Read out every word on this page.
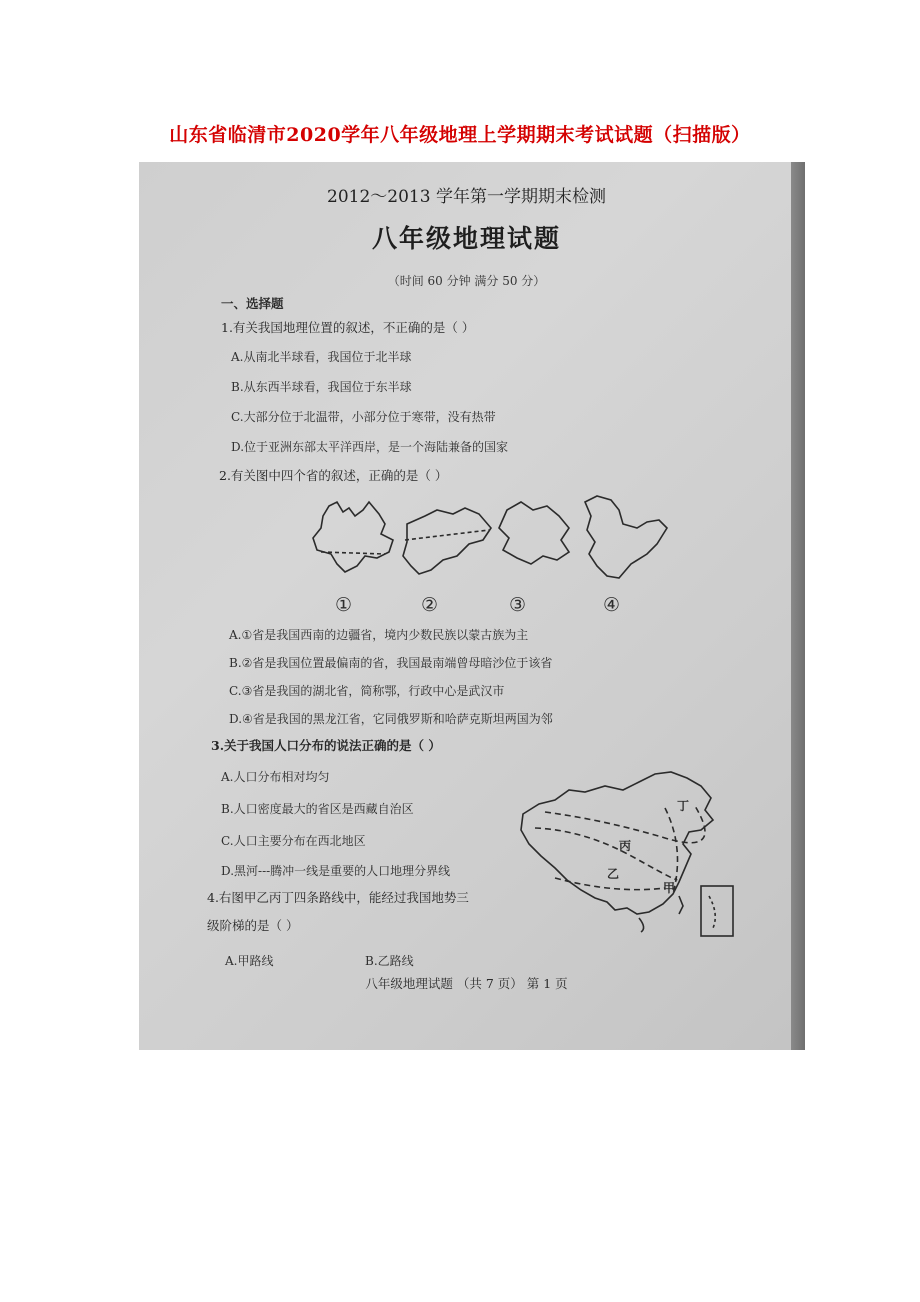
山东省临清市2020学年八年级地理上学期期末考试试题（扫描版）
2012～2013 学年第一学期期末检测
八年级地理试题
（时间 60 分钟 满分 50 分）
一、选择题
1.有关我国地理位置的叙述，不正确的是（ ）
A.从南北半球看，我国位于北半球
B.从东西半球看，我国位于东半球
C.大部分位于北温带，小部分位于寒带，没有热带
D.位于亚洲东部太平洋西岸，是一个海陆兼备的国家
2.有关图中四个省的叙述，正确的是（ ）
①	②	③	④
A.①省是我国西南的边疆省，境内少数民族以蒙古族为主
B.②省是我国位置最偏南的省，我国最南端曾母暗沙位于该省
C.③省是我国的湖北省，简称鄂，行政中心是武汉市
D.④省是我国的黑龙江省，它同俄罗斯和哈萨克斯坦两国为邻
3.关于我国人口分布的说法正确的是（ ）
A.人口分布相对均匀
B.人口密度最大的省区是西藏自治区
C.人口主要分布在西北地区
D.黑河---腾冲一线是重要的人口地理分界线
4.右图甲乙丙丁四条路线中，能经过我国地势三
级阶梯的是（ ）
A.甲路线	B.乙路线
甲
乙
丙
丁
八年级地理试题 （共 7 页） 第 1 页
